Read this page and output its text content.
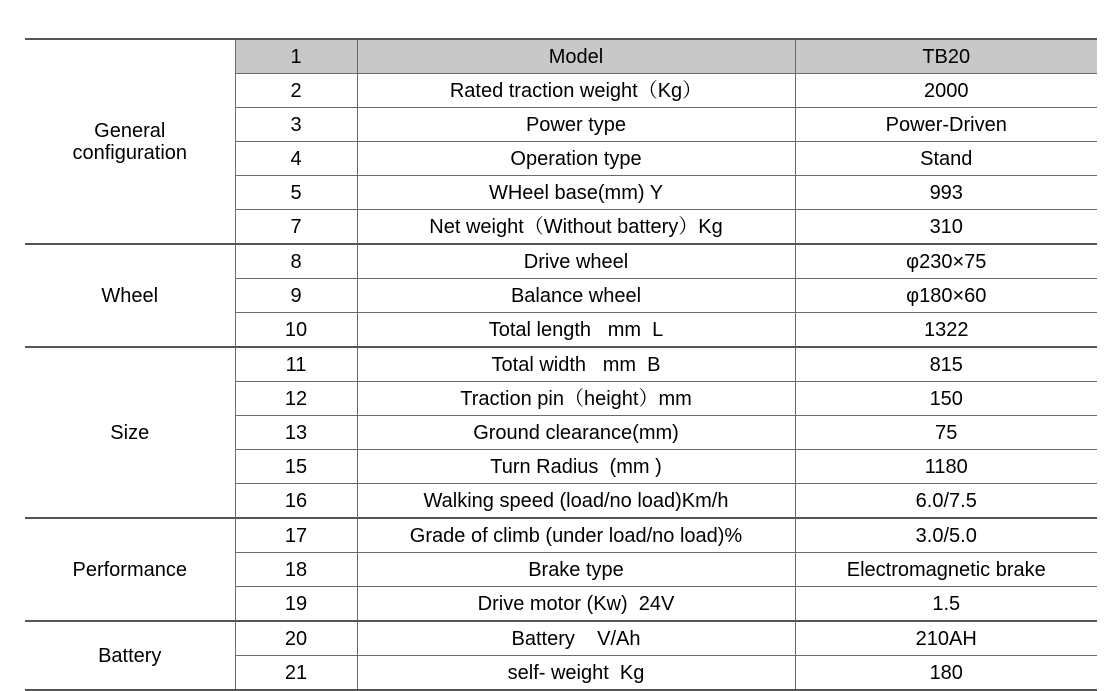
General
configuration	1	Model	TB20
	2	Rated traction weight（Kg）	2000
	3	Power type	Power-Driven
	4	Operation type	Stand
	5	WHeel base(mm) Y	993
	7	Net weight（Without battery）Kg	310
Wheel	8	Drive wheel	φ230×75
	9	Balance wheel	φ180×60
	10	Total length   mm  L	1322
Size	11	Total width   mm  B	815
	12	Traction pin（height）mm	150
	13	Ground clearance(mm)	75
	15	Turn Radius  (mm )	1180
	16	Walking speed (load/no load)Km/h	6.0/7.5
Performance	17	Grade of climb (under load/no load)%	3.0/5.0
	18	Brake type	Electromagnetic brake
	19	Drive motor (Kw)  24V	1.5
Battery	20	Battery    V/Ah	210AH
	21	self- weight  Kg	180
